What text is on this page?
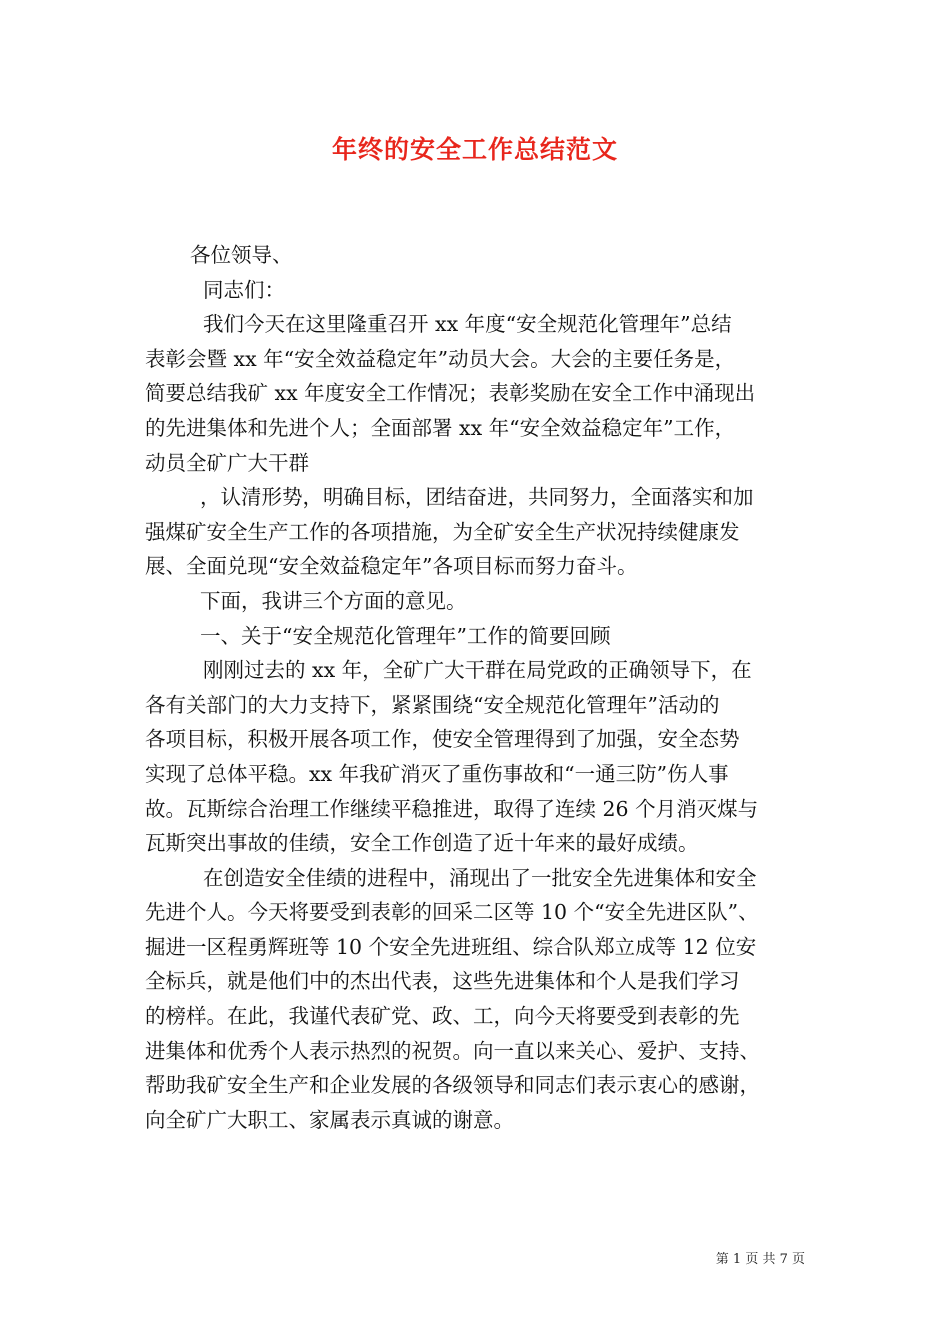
年终的安全工作总结范文
各位领导、
同志们：
我们今天在这里隆重召开 xx 年度“安全规范化管理年”总结
表彰会暨 xx 年“安全效益稳定年”动员大会。大会的主要任务是，
简要总结我矿 xx 年度安全工作情况；表彰奖励在安全工作中涌现出
的先进集体和先进个人；全面部署 xx 年“安全效益稳定年”工作，
动员全矿广大干群
，认清形势，明确目标，团结奋进，共同努力，全面落实和加
强煤矿安全生产工作的各项措施，为全矿安全生产状况持续健康发
展、全面兑现“安全效益稳定年”各项目标而努力奋斗。
下面，我讲三个方面的意见。
一、关于“安全规范化管理年”工作的简要回顾
刚刚过去的 xx 年，全矿广大干群在局党政的正确领导下，在
各有关部门的大力支持下，紧紧围绕“安全规范化管理年”活动的
各项目标，积极开展各项工作，使安全管理得到了加强，安全态势
实现了总体平稳。xx 年我矿消灭了重伤事故和“一通三防”伤人事
故。瓦斯综合治理工作继续平稳推进，取得了连续 26 个月消灭煤与
瓦斯突出事故的佳绩，安全工作创造了近十年来的最好成绩。
在创造安全佳绩的进程中，涌现出了一批安全先进集体和安全
先进个人。今天将要受到表彰的回采二区等 10 个“安全先进区队”、
掘进一区程勇辉班等 10 个安全先进班组、综合队郑立成等 12 位安
全标兵，就是他们中的杰出代表，这些先进集体和个人是我们学习
的榜样。在此，我谨代表矿党、政、工，向今天将要受到表彰的先
进集体和优秀个人表示热烈的祝贺。向一直以来关心、爱护、支持、
帮助我矿安全生产和企业发展的各级领导和同志们表示衷心的感谢，
向全矿广大职工、家属表示真诚的谢意。
第 1 页 共 7 页
